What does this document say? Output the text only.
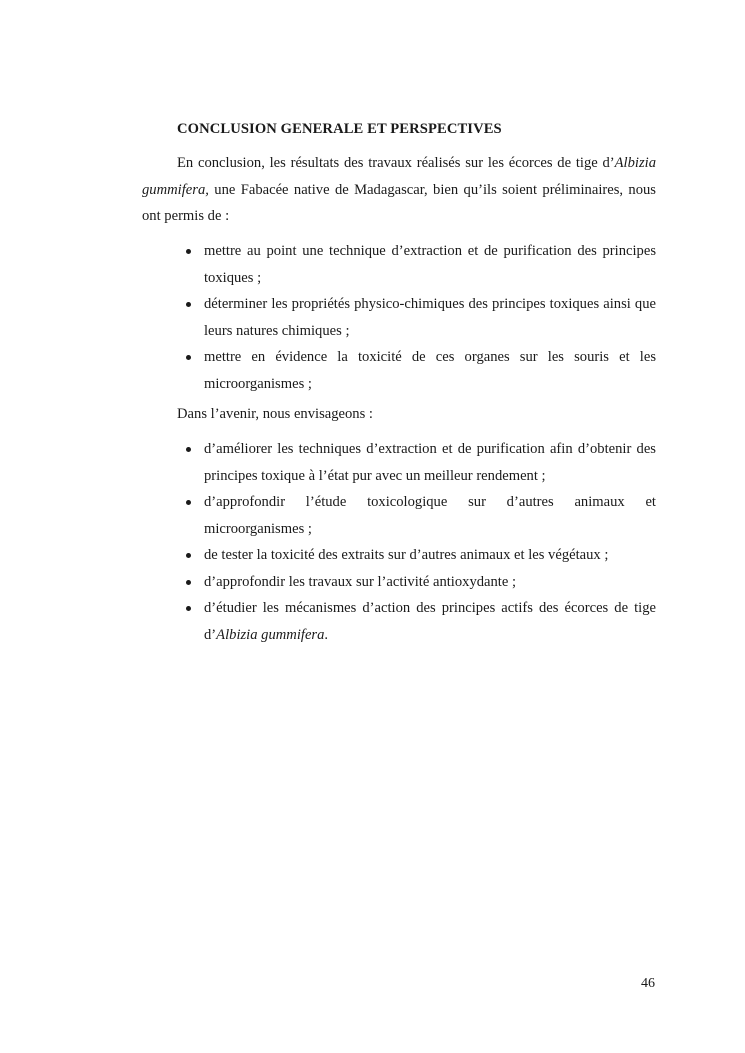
CONCLUSION GENERALE ET PERSPECTIVES
En conclusion, les résultats des travaux réalisés sur les écorces de tige d’Albizia gummifera, une Fabacée native de Madagascar, bien qu’ils soient préliminaires, nous ont permis de :
mettre au point une technique d’extraction et de purification des principes toxiques ;
déterminer les propriétés physico-chimiques des principes toxiques ainsi que leurs natures chimiques ;
mettre en évidence la toxicité de ces organes sur les souris et les microorganismes ;
Dans l’avenir, nous envisageons :
d’améliorer les techniques d’extraction et de purification afin d’obtenir des principes toxique à l’état pur avec un meilleur rendement ;
d’approfondir l’étude toxicologique sur d’autres animaux et microorganismes ;
de tester la toxicité des extraits sur d’autres animaux et les végétaux ;
d’approfondir les travaux sur l’activité antioxydante ;
d’étudier les mécanismes d’action des principes actifs des écorces de tige d’Albizia gummifera.
46
